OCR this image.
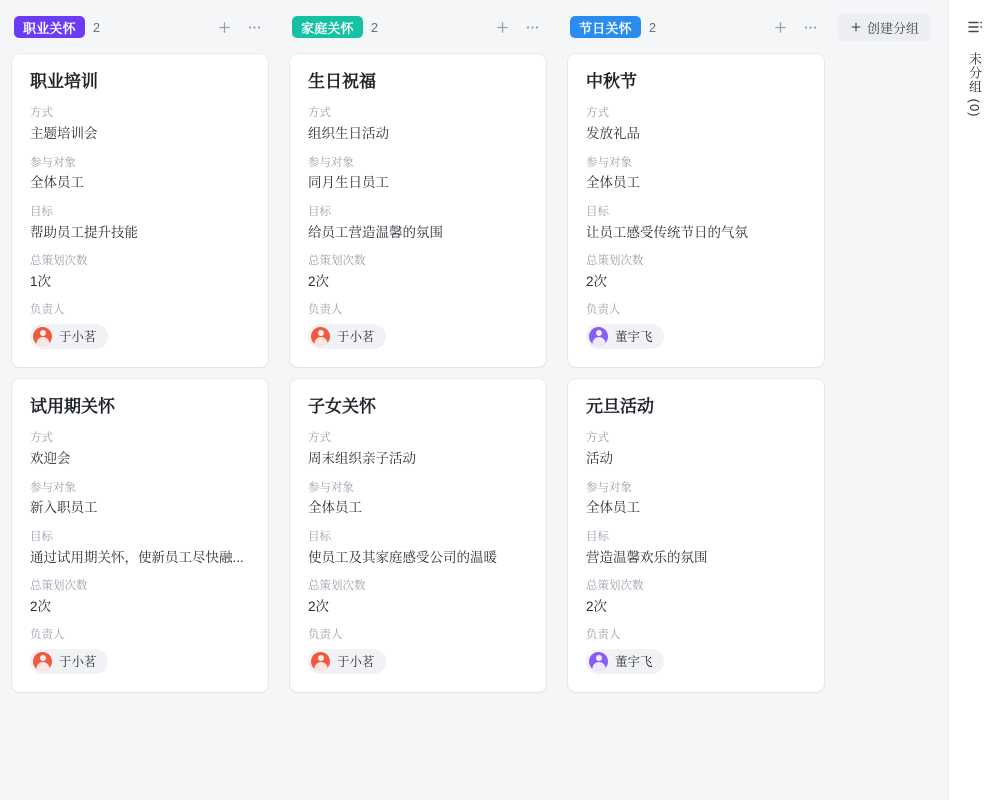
职业关怀	2
职业培训
方式
主题培训会
参与对象
全体员工
目标
帮助员工提升技能
总策划次数
1次
负责人
于小茗
试用期关怀
方式
欢迎会
参与对象
新入职员工
目标
通过试用期关怀，使新员工尽快融...
总策划次数
2次
负责人
于小茗
家庭关怀	2
生日祝福
方式
组织生日活动
参与对象
同月生日员工
目标
给员工营造温馨的氛围
总策划次数
2次
负责人
于小茗
子女关怀
方式
周末组织亲子活动
参与对象
全体员工
目标
使员工及其家庭感受公司的温暖
总策划次数
2次
负责人
于小茗
节日关怀	2
中秋节
方式
发放礼品
参与对象
全体员工
目标
让员工感受传统节日的气氛
总策划次数
2次
负责人
董宇飞
元旦活动
方式
活动
参与对象
全体员工
目标
营造温馨欢乐的氛围
总策划次数
2次
负责人
董宇飞
创建分组
未分组 (0)
